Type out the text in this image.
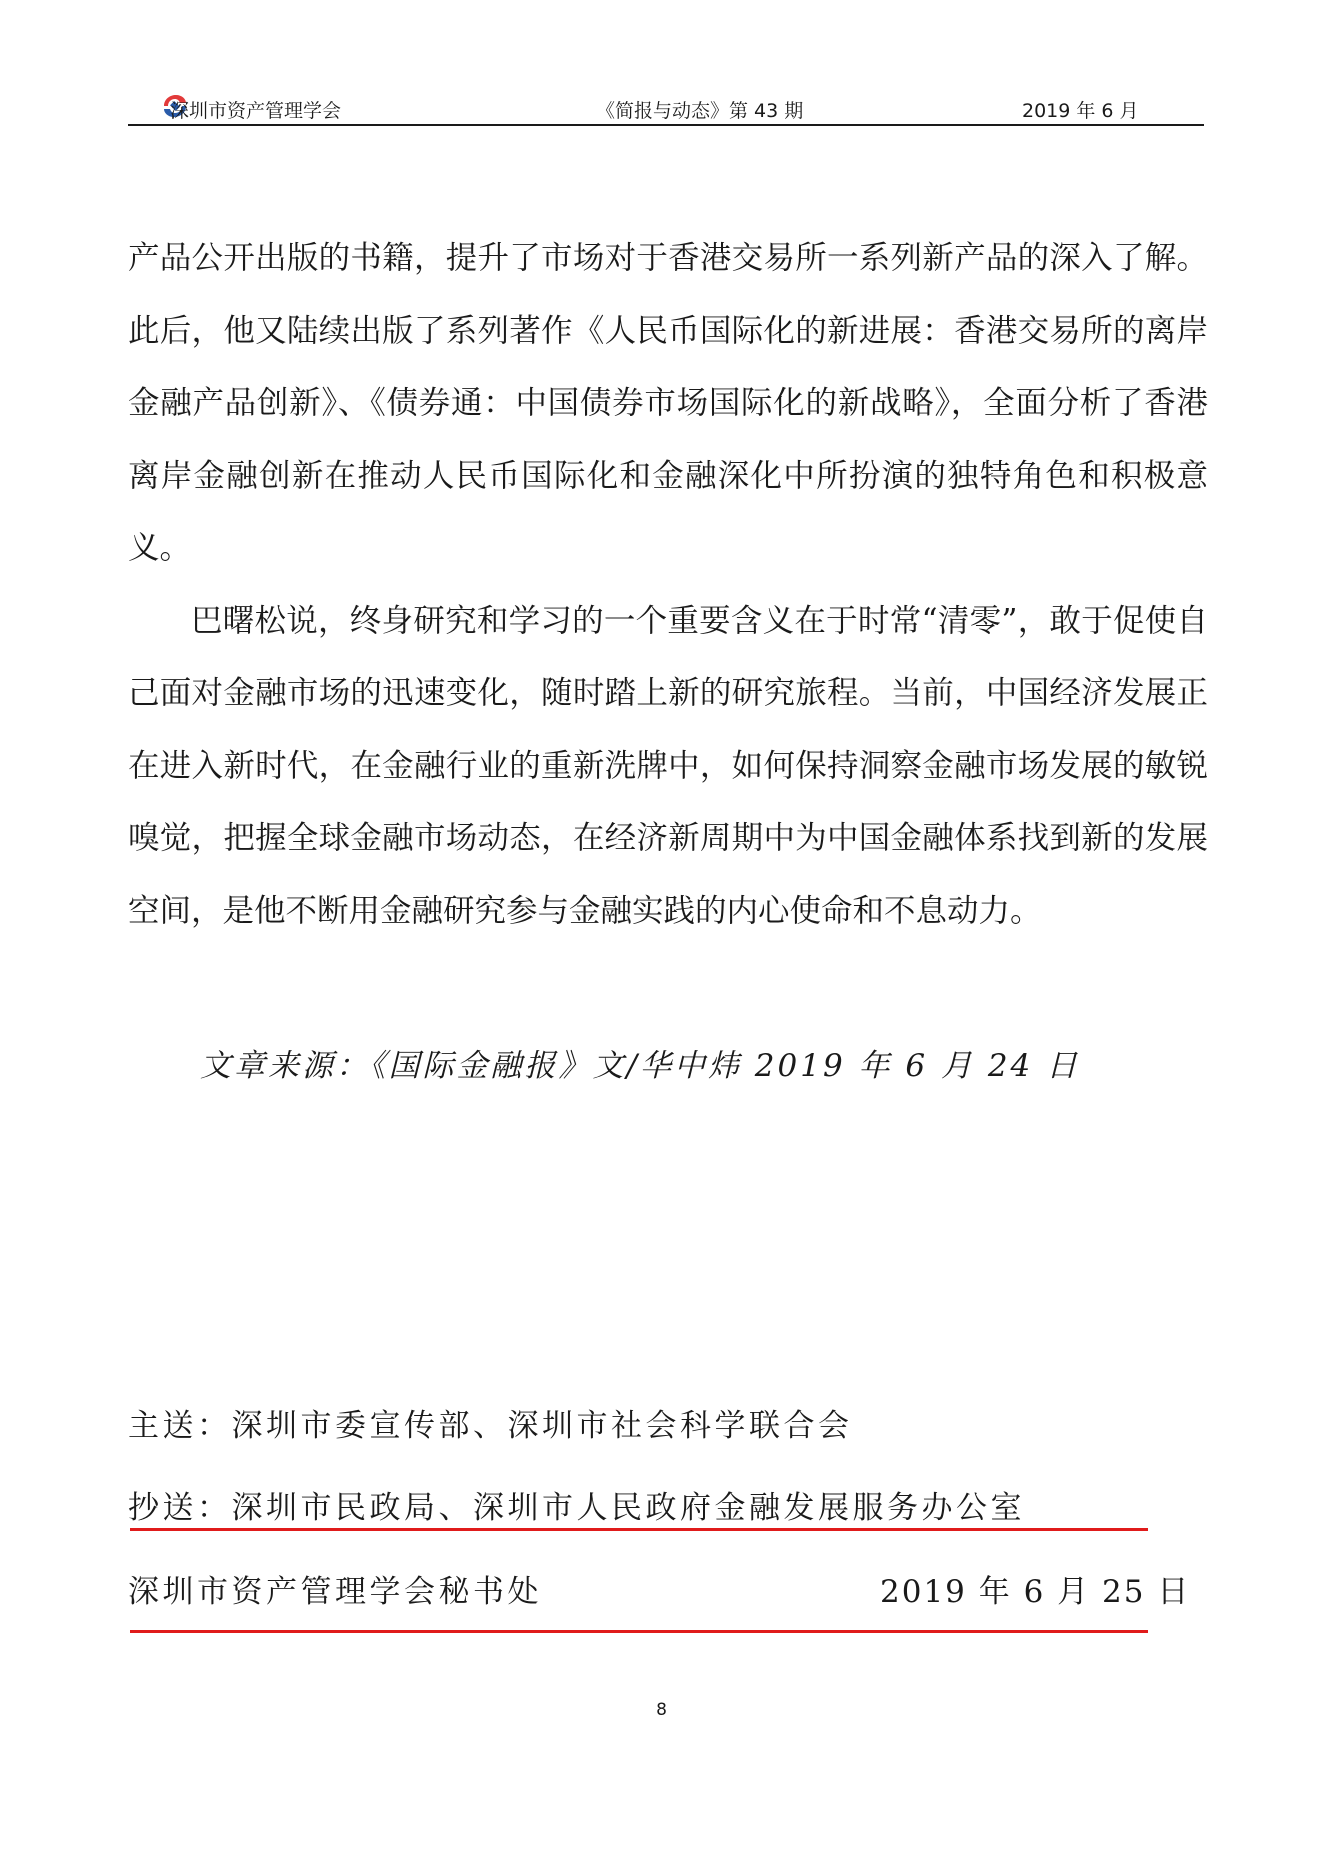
深圳市资产管理学会	《简报与动态》第 43 期	2019 年 6 月

产品公开出版的书籍，提升了市场对于香港交易所一系列新产品的深入了解。此后，他又陆续出版了系列著作《人民币国际化的新进展：香港交易所的离岸金融产品创新》、《债券通：中国债券市场国际化的新战略》，全面分析了香港离岸金融创新在推动人民币国际化和金融深化中所扮演的独特角色和积极意义。

巴曙松说，终身研究和学习的一个重要含义在于时常“清零”，敢于促使自己面对金融市场的迅速变化，随时踏上新的研究旅程。当前，中国经济发展正在进入新时代，在金融行业的重新洗牌中，如何保持洞察金融市场发展的敏锐嗅觉，把握全球金融市场动态，在经济新周期中为中国金融体系找到新的发展空间，是他不断用金融研究参与金融实践的内心使命和不息动力。

文章来源：《国际金融报》文/华中炜 2019 年 6 月 24 日
主送：深圳市委宣传部、深圳市社会科学联合会
抄送：深圳市民政局、深圳市人民政府金融发展服务办公室
深圳市资产管理学会秘书处	2019 年 6 月 25 日
8
